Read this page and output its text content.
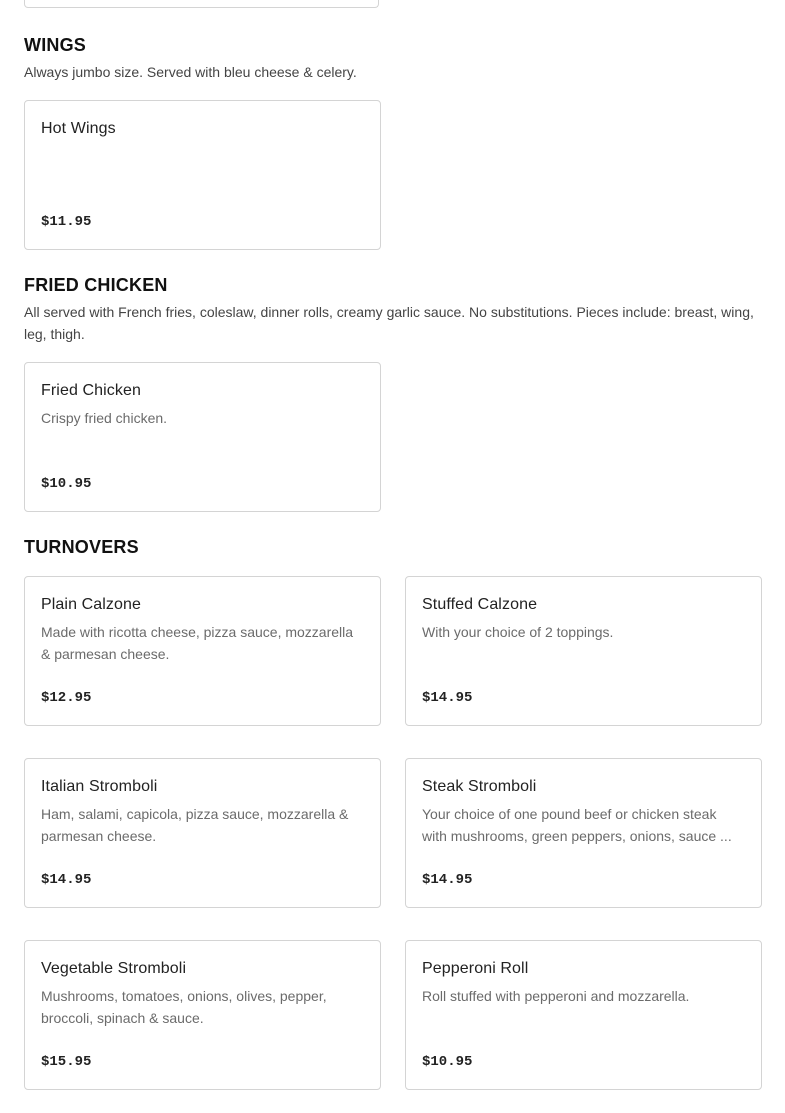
WINGS

Always jumbo size. Served with bleu cheese & celery.

Hot Wings
$11.95
FRIED CHICKEN

All served with French fries, coleslaw, dinner rolls, creamy garlic sauce. No substitutions. Pieces include: breast, wing, leg, thigh.

Fried Chicken
Crispy fried chicken.
$10.95
TURNOVERS
Plain Calzone
Made with ricotta cheese, pizza sauce, mozzarella & parmesan cheese.
$12.95
Stuffed Calzone
With your choice of 2 toppings.
$14.95
Italian Stromboli
Ham, salami, capicola, pizza sauce, mozzarella & parmesan cheese.
$14.95
Steak Stromboli
Your choice of one pound beef or chicken steak with mushrooms, green peppers, onions, sauce ...
$14.95
Vegetable Stromboli
Mushrooms, tomatoes, onions, olives, pepper, broccoli, spinach & sauce.
$15.95
Pepperoni Roll
Roll stuffed with pepperoni and mozzarella.
$10.95
